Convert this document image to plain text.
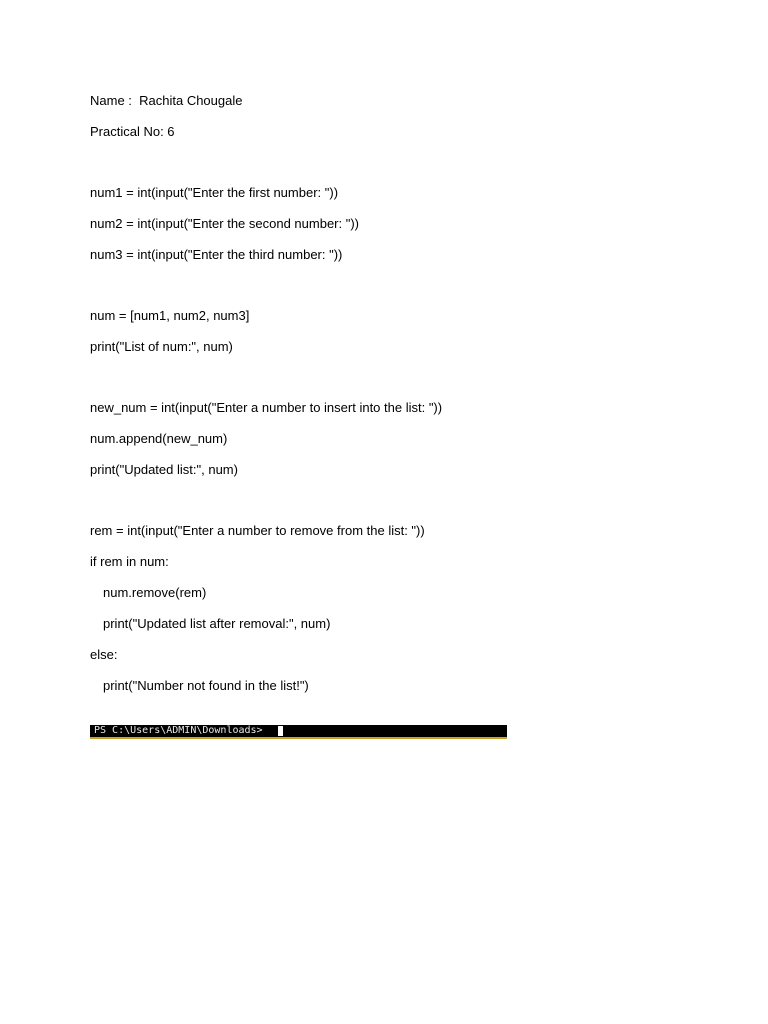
Name :  Rachita Chougale

Practical No: 6

num1 = int(input("Enter the first number: "))

num2 = int(input("Enter the second number: "))

num3 = int(input("Enter the third number: "))

num = [num1, num2, num3]

print("List of num:", num)

new_num = int(input("Enter a number to insert into the list: "))

num.append(new_num)

print("Updated list:", num)

rem = int(input("Enter a number to remove from the list: "))

if rem in num:

num.remove(rem)

print("Updated list after removal:", num)

else:

print("Number not found in the list!")

PS C:\Users\ADMIN\Downloads>
